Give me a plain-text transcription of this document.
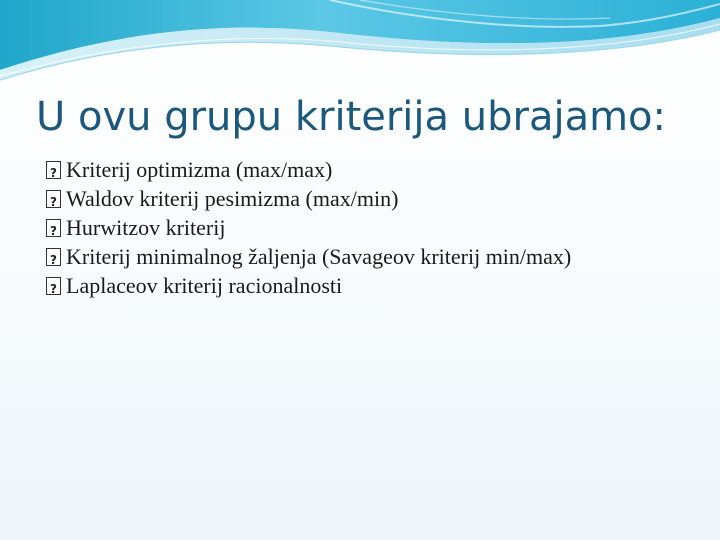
U ovu grupu kriterija ubrajamo:
?
Kriterij optimizma (max/max)
?
Waldov kriterij pesimizma (max/min)
?
Hurwitzov kriterij
?
Kriterij minimalnog žaljenja (Savageov kriterij min/max)
?
Laplaceov kriterij racionalnosti
